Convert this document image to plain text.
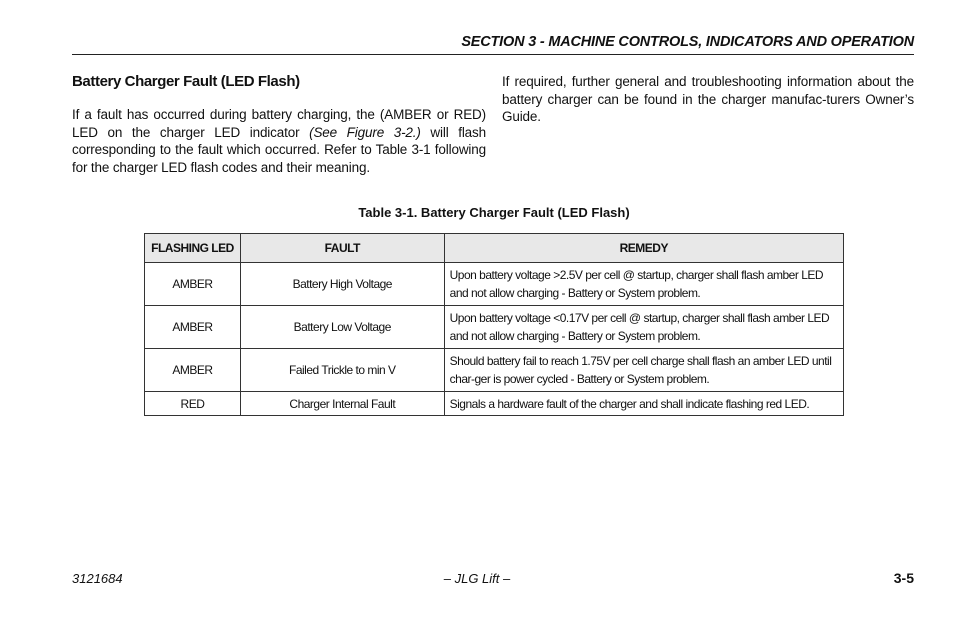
SECTION 3 - MACHINE CONTROLS, INDICATORS AND OPERATION
Battery Charger Fault (LED Flash)

If a fault has occurred during battery charging, the (AMBER or RED) LED on the charger LED indicator (See Figure 3-2.) will flash corresponding to the fault which occurred. Refer to Table 3-1 following for the charger LED flash codes and their meaning.

If required, further general and troubleshooting information about the battery charger can be found in the charger manufac-turers Owner’s Guide.

Table 3-1. Battery Charger Fault (LED Flash)
FLASHING LED	FAULT	REMEDY
AMBER	Battery High Voltage	Upon battery voltage >2.5V per cell @ startup, charger shall flash amber LED and not allow charging - Battery or System problem.
AMBER	Battery Low Voltage	Upon battery voltage <0.17V per cell @ startup, charger shall flash amber LED and not allow charging - Battery or System problem.
AMBER	Failed Trickle to min V	Should battery fail to reach 1.75V per cell charge shall flash an amber LED until char-ger is power cycled - Battery or System problem.
RED	Charger Internal Fault	Signals a hardware fault of the charger and shall indicate flashing red LED.
3121684	– JLG Lift –	3-5
